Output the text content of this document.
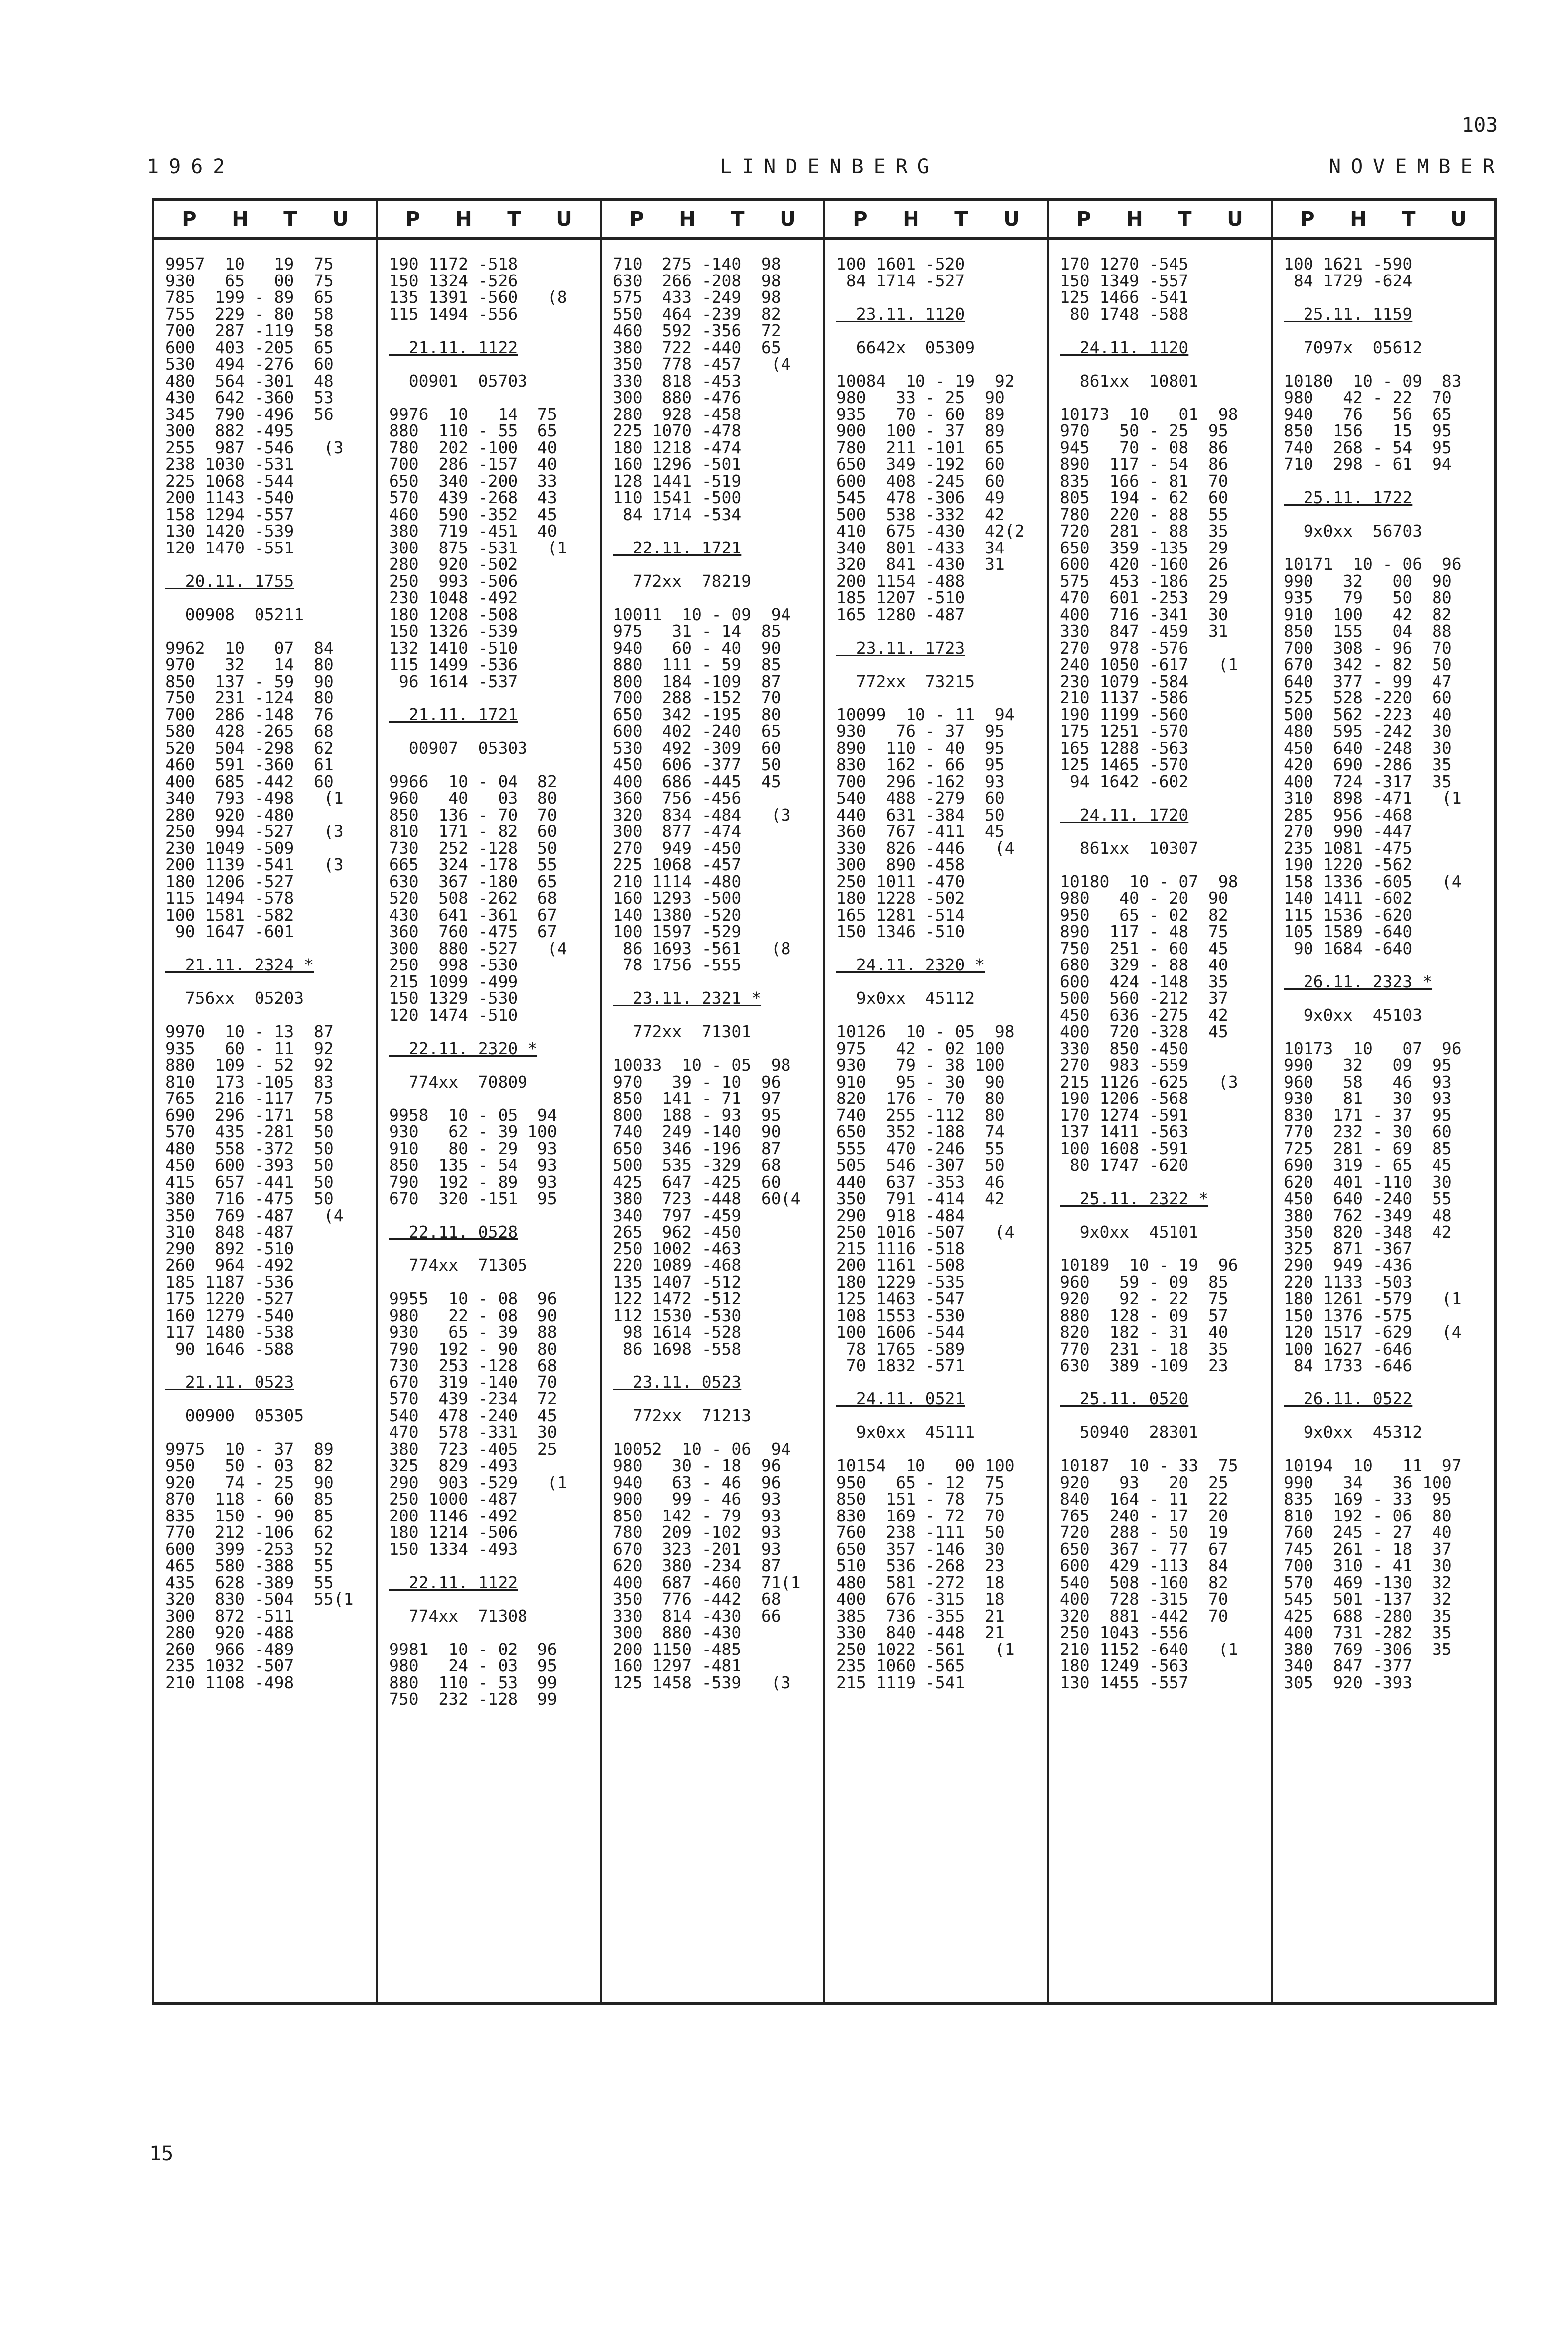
103
1962	LINDENBERG	NOVEMBER
P H T U
9957  10   19  75
930   65   00  75
785  199 - 89  65
755  229 - 80  58
700  287 -119  58
600  403 -205  65
530  494 -276  60
480  564 -301  48
430  642 -360  53
345  790 -496  56
300  882 -495
255  987 -546   (3
238 1030 -531
225 1068 -544
200 1143 -540
158 1294 -557
130 1420 -539
120 1470 -551
20.11. 1755
00908  05211
9962  10   07  84
970   32   14  80
850  137 - 59  90
750  231 -124  80
700  286 -148  76
580  428 -265  68
520  504 -298  62
460  591 -360  61
400  685 -442  60
340  793 -498   (1
280  920 -480
250  994 -527   (3
230 1049 -509
200 1139 -541   (3
180 1206 -527
115 1494 -578
100 1581 -582
90 1647 -601
21.11. 2324 *
756xx  05203
9970  10 - 13  87
935   60 - 11  92
880  109 - 52  92
810  173 -105  83
765  216 -117  75
690  296 -171  58
570  435 -281  50
480  558 -372  50
450  600 -393  50
415  657 -441  50
380  716 -475  50
350  769 -487   (4
310  848 -487
290  892 -510
260  964 -492
185 1187 -536
175 1220 -527
160 1279 -540
117 1480 -538
90 1646 -588
21.11. 0523
00900  05305
9975  10 - 37  89
950   50 - 03  82
920   74 - 25  90
870  118 - 60  85
835  150 - 90  85
770  212 -106  62
600  399 -253  52
465  580 -388  55
435  628 -389  55
320  830 -504  55(1
300  872 -511
280  920 -488
260  966 -489
235 1032 -507
210 1108 -498
P H T U
190 1172 -518
150 1324 -526
135 1391 -560   (8
115 1494 -556
21.11. 1122
00901  05703
9976  10   14  75
880  110 - 55  65
780  202 -100  40
700  286 -157  40
650  340 -200  33
570  439 -268  43
460  590 -352  45
380  719 -451  40
300  875 -531   (1
280  920 -502
250  993 -506
230 1048 -492
180 1208 -508
150 1326 -539
132 1410 -510
115 1499 -536
96 1614 -537
21.11. 1721
00907  05303
9966  10 - 04  82
960   40   03  80
850  136 - 70  70
810  171 - 82  60
730  252 -128  50
665  324 -178  55
630  367 -180  65
520  508 -262  68
430  641 -361  67
360  760 -475  67
300  880 -527   (4
250  998 -530
215 1099 -499
150 1329 -530
120 1474 -510
22.11. 2320 *
774xx  70809
9958  10 - 05  94
930   62 - 39 100
910   80 - 29  93
850  135 - 54  93
790  192 - 89  93
670  320 -151  95
22.11. 0528
774xx  71305
9955  10 - 08  96
980   22 - 08  90
930   65 - 39  88
790  192 - 90  80
730  253 -128  68
670  319 -140  70
570  439 -234  72
540  478 -240  45
470  578 -331  30
380  723 -405  25
325  829 -493
290  903 -529   (1
250 1000 -487
200 1146 -492
180 1214 -506
150 1334 -493
22.11. 1122
774xx  71308
9981  10 - 02  96
980   24 - 03  95
880  110 - 53  99
750  232 -128  99
P H T U
710  275 -140  98
630  266 -208  98
575  433 -249  98
550  464 -239  82
460  592 -356  72
380  722 -440  65
350  778 -457   (4
330  818 -453
300  880 -476
280  928 -458
225 1070 -478
180 1218 -474
160 1296 -501
128 1441 -519
110 1541 -500
84 1714 -534
22.11. 1721
772xx  78219
10011  10 - 09  94
975   31 - 14  85
940   60 - 40  90
880  111 - 59  85
800  184 -109  87
700  288 -152  70
650  342 -195  80
600  402 -240  65
530  492 -309  60
450  606 -377  50
400  686 -445  45
360  756 -456
320  834 -484   (3
300  877 -474
270  949 -450
225 1068 -457
210 1114 -480
160 1293 -500
140 1380 -520
100 1597 -529
86 1693 -561   (8
78 1756 -555
23.11. 2321 *
772xx  71301
10033  10 - 05  98
970   39 - 10  96
850  141 - 71  97
800  188 - 93  95
740  249 -140  90
650  346 -196  87
500  535 -329  68
425  647 -425  60
380  723 -448  60(4
340  797 -459
265  962 -450
250 1002 -463
220 1089 -468
135 1407 -512
122 1472 -512
112 1530 -530
98 1614 -528
86 1698 -558
23.11. 0523
772xx  71213
10052  10 - 06  94
980   30 - 18  96
940   63 - 46  96
900   99 - 46  93
850  142 - 79  93
780  209 -102  93
670  323 -201  93
620  380 -234  87
400  687 -460  71(1
350  776 -442  68
330  814 -430  66
300  880 -430
200 1150 -485
160 1297 -481
125 1458 -539   (3
P H T U
100 1601 -520
84 1714 -527
23.11. 1120
6642x  05309
10084  10 - 19  92
980   33 - 25  90
935   70 - 60  89
900  100 - 37  89
780  211 -101  65
650  349 -192  60
600  408 -245  60
545  478 -306  49
500  538 -332  42
410  675 -430  42(2
340  801 -433  34
320  841 -430  31
200 1154 -488
185 1207 -510
165 1280 -487
23.11. 1723
772xx  73215
10099  10 - 11  94
930   76 - 37  95
890  110 - 40  95
830  162 - 66  95
700  296 -162  93
540  488 -279  60
440  631 -384  50
360  767 -411  45
330  826 -446   (4
300  890 -458
250 1011 -470
180 1228 -502
165 1281 -514
150 1346 -510
24.11. 2320 *
9x0xx  45112
10126  10 - 05  98
975   42 - 02 100
930   79 - 38 100
910   95 - 30  90
820  176 - 70  80
740  255 -112  80
650  352 -188  74
555  470 -246  55
505  546 -307  50
440  637 -353  46
350  791 -414  42
290  918 -484
250 1016 -507   (4
215 1116 -518
200 1161 -508
180 1229 -535
125 1463 -547
108 1553 -530
100 1606 -544
78 1765 -589
70 1832 -571
24.11. 0521
9x0xx  45111
10154  10   00 100
950   65 - 12  75
850  151 - 78  75
830  169 - 72  70
760  238 -111  50
650  357 -146  30
510  536 -268  23
480  581 -272  18
400  676 -315  18
385  736 -355  21
330  840 -448  21
250 1022 -561   (1
235 1060 -565
215 1119 -541
P H T U
170 1270 -545
150 1349 -557
125 1466 -541
80 1748 -588
24.11. 1120
861xx  10801
10173  10   01  98
970   50 - 25  95
945   70 - 08  86
890  117 - 54  86
835  166 - 81  70
805  194 - 62  60
780  220 - 88  55
720  281 - 88  35
650  359 -135  29
600  420 -160  26
575  453 -186  25
470  601 -253  29
400  716 -341  30
330  847 -459  31
270  978 -576
240 1050 -617   (1
230 1079 -584
210 1137 -586
190 1199 -560
175 1251 -570
165 1288 -563
125 1465 -570
94 1642 -602
24.11. 1720
861xx  10307
10180  10 - 07  98
980   40 - 20  90
950   65 - 02  82
890  117 - 48  75
750  251 - 60  45
680  329 - 88  40
600  424 -148  35
500  560 -212  37
450  636 -275  42
400  720 -328  45
330  850 -450
270  983 -559
215 1126 -625   (3
190 1206 -568
170 1274 -591
137 1411 -563
100 1608 -591
80 1747 -620
25.11. 2322 *
9x0xx  45101
10189  10 - 19  96
960   59 - 09  85
920   92 - 22  75
880  128 - 09  57
820  182 - 31  40
770  231 - 18  35
630  389 -109  23
25.11. 0520
50940  28301
10187  10 - 33  75
920   93   20  25
840  164 - 11  22
765  240 - 17  20
720  288 - 50  19
650  367 - 77  67
600  429 -113  84
540  508 -160  82
400  728 -315  70
320  881 -442  70
250 1043 -556
210 1152 -640   (1
180 1249 -563
130 1455 -557
P H T U
100 1621 -590
84 1729 -624
25.11. 1159
7097x  05612
10180  10 - 09  83
980   42 - 22  70
940   76   56  65
850  156   15  95
740  268 - 54  95
710  298 - 61  94
25.11. 1722
9x0xx  56703
10171  10 - 06  96
990   32   00  90
935   79   50  80
910  100   42  82
850  155   04  88
700  308 - 96  70
670  342 - 82  50
640  377 - 99  47
525  528 -220  60
500  562 -223  40
480  595 -242  30
450  640 -248  30
420  690 -286  35
400  724 -317  35
310  898 -471   (1
285  956 -468
270  990 -447
235 1081 -475
190 1220 -562
158 1336 -605   (4
140 1411 -602
115 1536 -620
105 1589 -640
90 1684 -640
26.11. 2323 *
9x0xx  45103
10173  10   07  96
990   32   09  95
960   58   46  93
930   81   30  93
830  171 - 37  95
770  232 - 30  60
725  281 - 69  85
690  319 - 65  45
620  401 -110  30
450  640 -240  55
380  762 -349  48
350  820 -348  42
325  871 -367
290  949 -436
220 1133 -503
180 1261 -579   (1
150 1376 -575
120 1517 -629   (4
100 1627 -646
84 1733 -646
26.11. 0522
9x0xx  45312
10194  10   11  97
990   34   36 100
835  169 - 33  95
810  192 - 06  80
760  245 - 27  40
745  261 - 18  37
700  310 - 41  30
570  469 -130  32
545  501 -137  32
425  688 -280  35
400  731 -282  35
380  769 -306  35
340  847 -377
305  920 -393
15
